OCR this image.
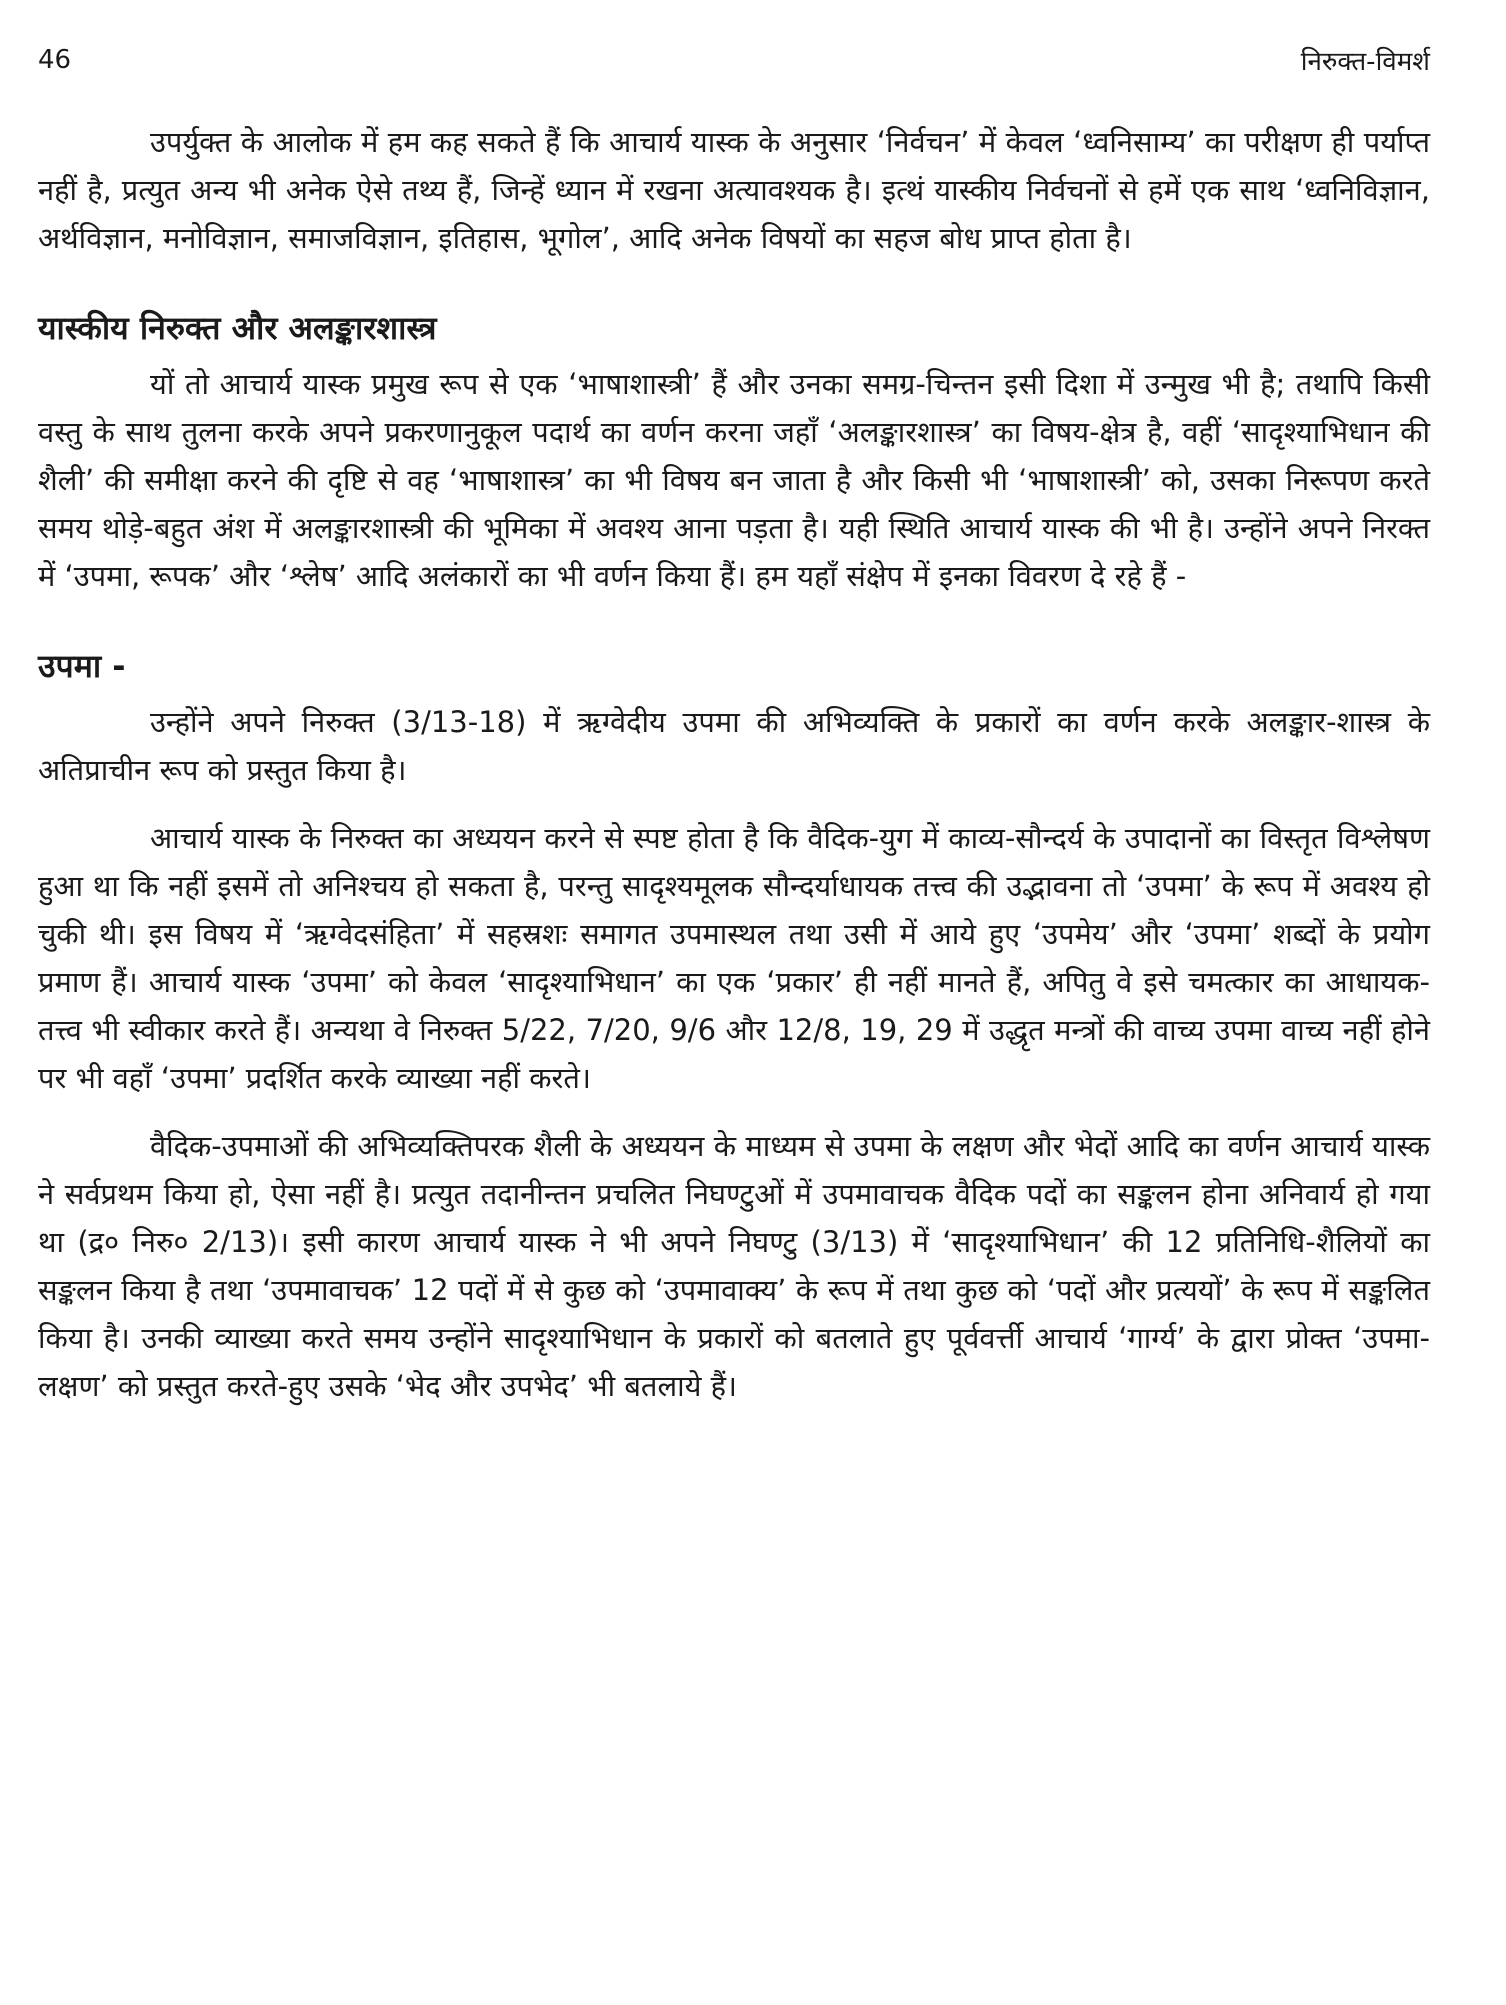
46	निरुक्त-विमर्श

उपर्युक्त के आलोक में हम कह सकते हैं कि आचार्य यास्क के अनुसार ‘निर्वचन’ में केवल ‘ध्वनिसाम्य’ का परीक्षण ही पर्याप्त नहीं है, प्रत्युत अन्य भी अनेक ऐसे तथ्य हैं, जिन्हें ध्यान में रखना अत्यावश्यक है। इत्थं यास्कीय निर्वचनों से हमें एक साथ ‘ध्वनिविज्ञान, अर्थविज्ञान, मनोविज्ञान, समाजविज्ञान, इतिहास, भूगोल’, आदि अनेक विषयों का सहज बोध प्राप्त होता है।

यास्कीय निरुक्त और अलङ्कारशास्त्र

यों तो आचार्य यास्क प्रमुख रूप से एक ‘भाषाशास्त्री’ हैं और उनका समग्र-चिन्तन इसी दिशा में उन्मुख भी है; तथापि किसी वस्तु के साथ तुलना करके अपने प्रकरणानुकूल पदार्थ का वर्णन करना जहाँ ‘अलङ्कारशास्त्र’ का विषय-क्षेत्र है, वहीं ‘सादृश्याभिधान की शैली’ की समीक्षा करने की दृष्टि से वह ‘भाषाशास्त्र’ का भी विषय बन जाता है और किसी भी ‘भाषाशास्त्री’ को, उसका निरूपण करते समय थोड़े-बहुत अंश में अलङ्कारशास्त्री की भूमिका में अवश्य आना पड़ता है। यही स्थिति आचार्य यास्क की भी है। उन्होंने अपने निरक्त में ‘उपमा, रूपक’ और ‘श्लेष’ आदि अलंकारों का भी वर्णन किया हैं। हम यहाँ संक्षेप में इनका विवरण दे रहे हैं -

उपमा -

उन्होंने अपने निरुक्त (3/13-18) में ऋग्वेदीय उपमा की अभिव्यक्ति के प्रकारों का वर्णन करके अलङ्कार-शास्त्र के अतिप्राचीन रूप को प्रस्तुत किया है।

आचार्य यास्क के निरुक्त का अध्ययन करने से स्पष्ट होता है कि वैदिक-युग में काव्य-सौन्दर्य के उपादानों का विस्तृत विश्लेषण हुआ था कि नहीं इसमें तो अनिश्चय हो सकता है, परन्तु सादृश्यमूलक सौन्दर्याधायक तत्त्व की उद्भावना तो ‘उपमा’ के रूप में अवश्य हो चुकी थी। इस विषय में ‘ऋग्वेदसंहिता’ में सहस्रशः समागत उपमास्थल तथा उसी में आये हुए ‘उपमेय’ और ‘उपमा’ शब्दों के प्रयोग प्रमाण हैं। आचार्य यास्क ‘उपमा’ को केवल ‘सादृश्याभिधान’ का एक ‘प्रकार’ ही नहीं मानते हैं, अपितु वे इसे चमत्कार का आधायक-तत्त्व भी स्वीकार करते हैं। अन्यथा वे निरुक्त 5/22, 7/20, 9/6 और 12/8, 19, 29 में उद्धृत मन्त्रों की वाच्य उपमा वाच्य नहीं होने पर भी वहाँ ‘उपमा’ प्रदर्शित करके व्याख्या नहीं करते।

वैदिक-उपमाओं की अभिव्यक्तिपरक शैली के अध्ययन के माध्यम से उपमा के लक्षण और भेदों आदि का वर्णन आचार्य यास्क ने सर्वप्रथम किया हो, ऐसा नहीं है। प्रत्युत तदानीन्तन प्रचलित निघण्टुओं में उपमावाचक वैदिक पदों का सङ्कलन होना अनिवार्य हो गया था (द्र० निरु० 2/13)। इसी कारण आचार्य यास्क ने भी अपने निघण्टु (3/13) में ‘सादृश्याभिधान’ की 12 प्रतिनिधि-शैलियों का सङ्कलन किया है तथा ‘उपमावाचक’ 12 पदों में से कुछ को ‘उपमावाक्य’ के रूप में तथा कुछ को ‘पदों और प्रत्ययों’ के रूप में सङ्कलित किया है। उनकी व्याख्या करते समय उन्होंने सादृश्याभिधान के प्रकारों को बतलाते हुए पूर्ववर्त्ती आचार्य ‘गार्ग्य’ के द्वारा प्रोक्त ‘उपमा-लक्षण’ को प्रस्तुत करते-हुए उसके ‘भेद और उपभेद’ भी बतलाये हैं।
